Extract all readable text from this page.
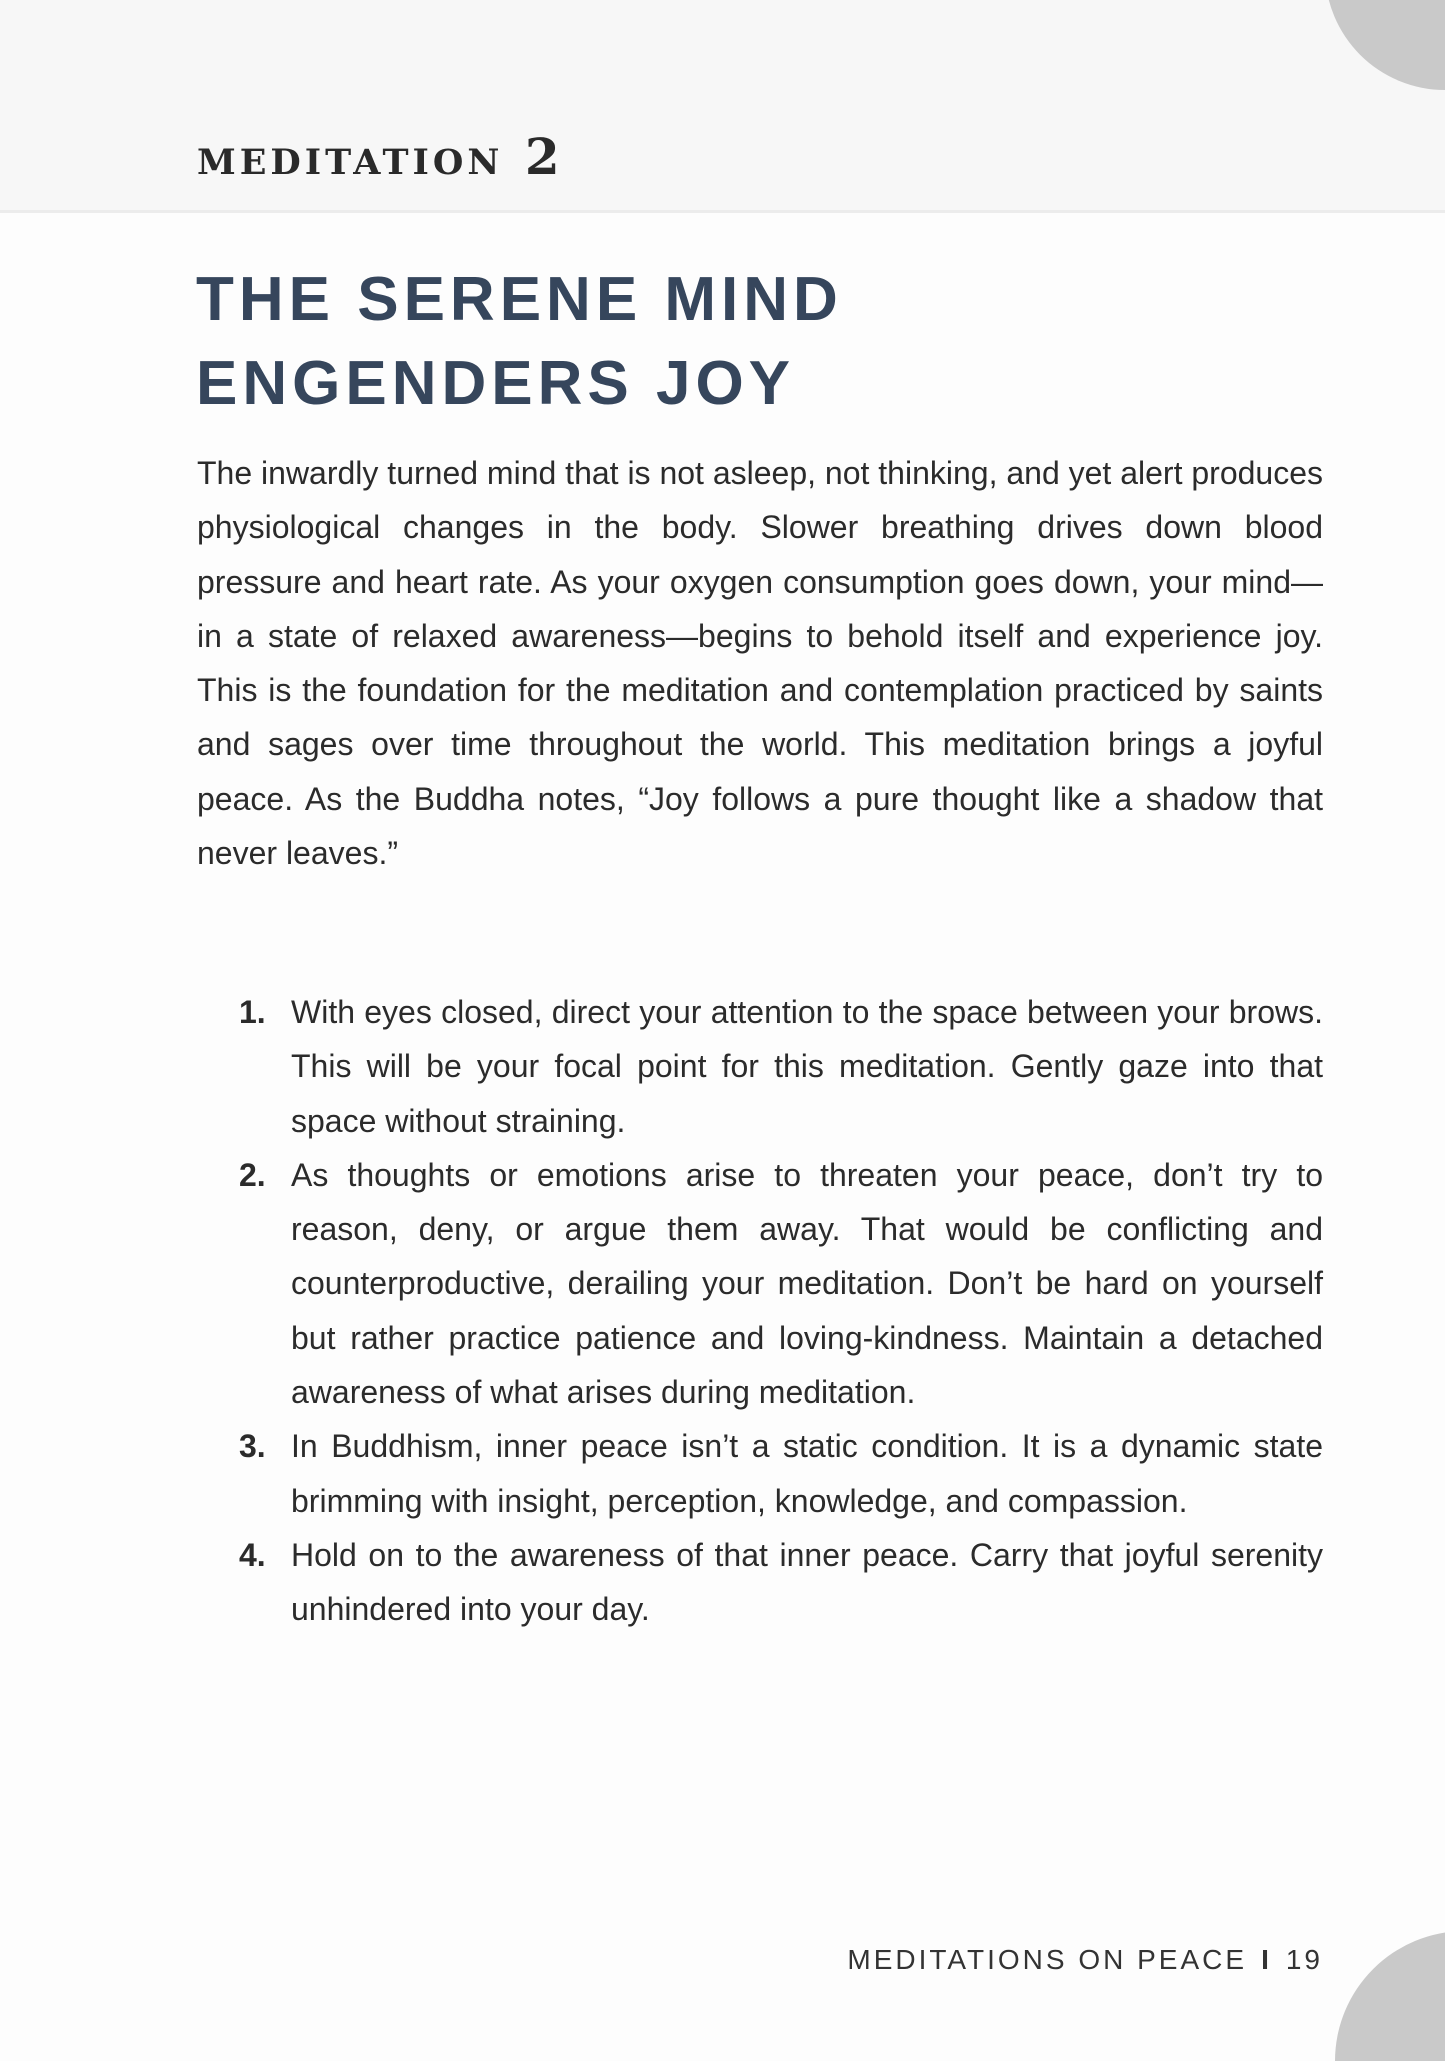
meditation 2
THE SERENE MIND
ENGENDERS JOY

The inwardly turned mind that is not asleep, not thinking, and yet alert produces physiological changes in the body. Slower breathing drives down blood pressure and heart rate. As your oxygen consumption goes down, your mind—in a state of relaxed awareness—begins to behold itself and experience joy. This is the foundation for the meditation and contemplation practiced by saints and sages over time throughout the world. This meditation brings a joyful peace. As the Buddha notes, “Joy follows a pure thought like a shadow that never leaves.”

1. With eyes closed, direct your attention to the space between your brows. This will be your focal point for this meditation. Gently gaze into that space without straining.
2. As thoughts or emotions arise to threaten your peace, don’t try to reason, deny, or argue them away. That would be conflicting and counterproductive, derailing your meditation. Don’t be hard on yourself but rather practice patience and loving-kindness. Maintain a detached awareness of what arises during meditation.
3. In Buddhism, inner peace isn’t a static condition. It is a dynamic state brimming with insight, perception, knowledge, and compassion.
4. Hold on to the awareness of that inner peace. Carry that joyful serenity unhindered into your day.
MEDITATIONS ON PEACE I 19
